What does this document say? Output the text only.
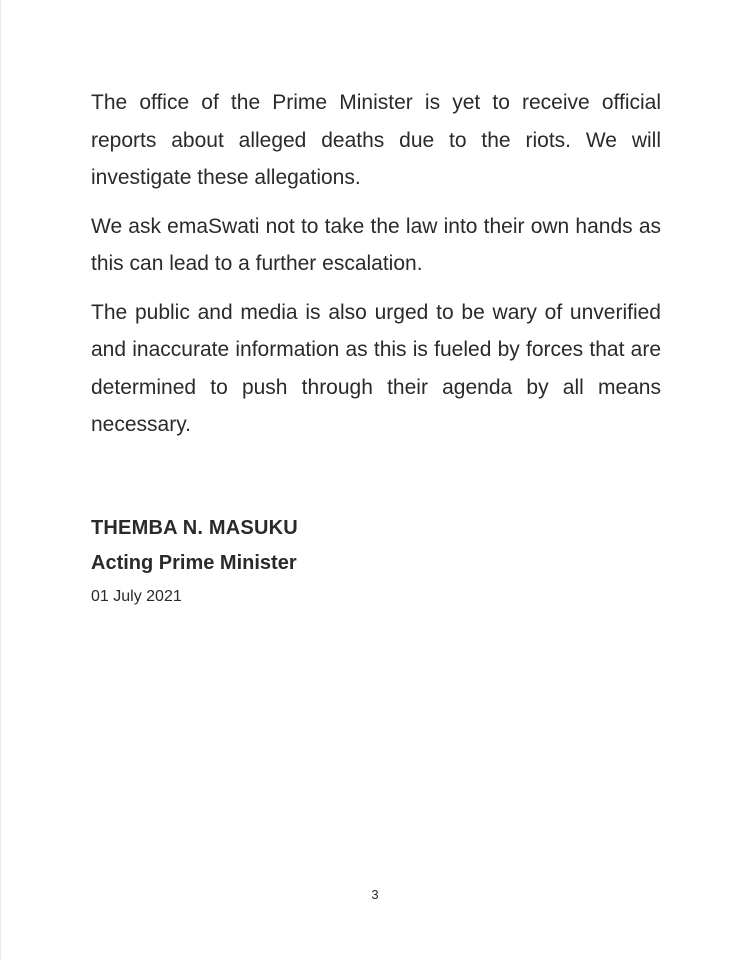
The office of the Prime Minister is yet to receive official reports about alleged deaths due to the riots. We will investigate these allegations.

We ask emaSwati not to take the law into their own hands as this can lead to a further escalation.

The public and media is also urged to be wary of unverified and inaccurate information as this is fueled by forces that are determined to push through their agenda by all means necessary.

THEMBA N. MASUKU
Acting Prime Minister
01 July 2021
3
